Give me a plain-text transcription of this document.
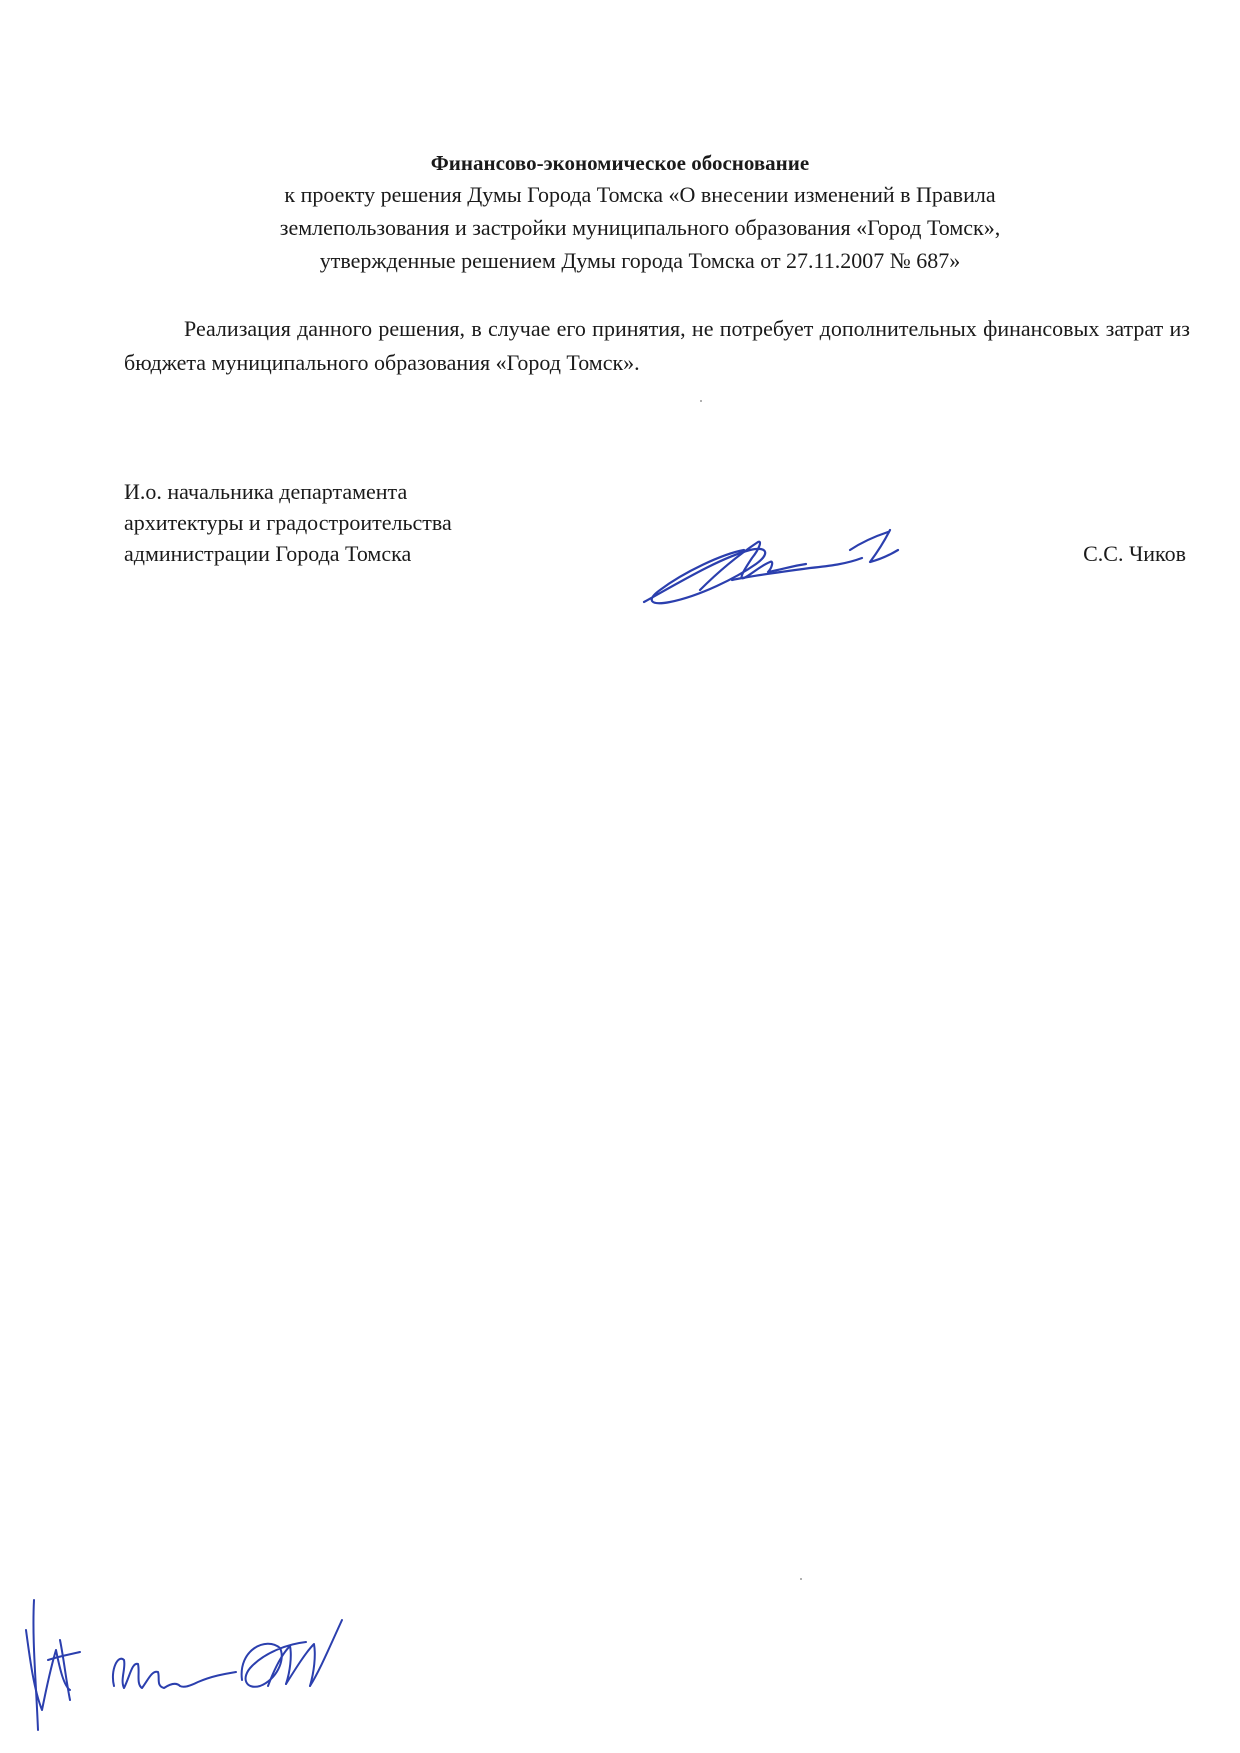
Финансово-экономическое обоснование

к проекту решения Думы Города Томска «О внесении изменений в Правила
землепользования и застройки муниципального образования «Город Томск»,
утвержденные решением Думы города Томска от 27.11.2007 № 687»

Реализация данного решения, в случае его принятия, не потребует дополнительных финансовых затрат из бюджета муниципального образования «Город Томск».

И.о. начальника департамента
архитектуры и градостроительства
администрации Города Томска	С.С. Чиков
